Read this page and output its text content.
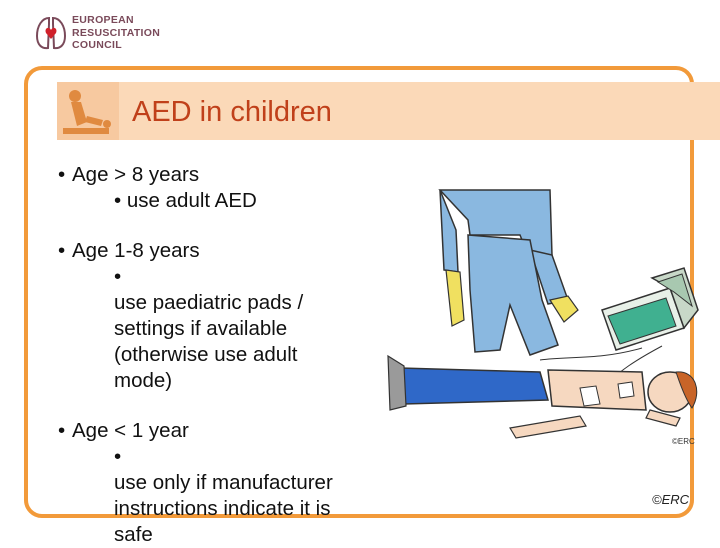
EUROPEAN
RESUSCITATION
COUNCIL
AED in children
• Age > 8 years
• use adult AED
• Age 1-8 years
•
use paediatric pads /
settings if available
(otherwise use adult
mode)
• Age < 1 year
•
use only if manufacturer
instructions indicate it is
safe
©ERC
©ERC
